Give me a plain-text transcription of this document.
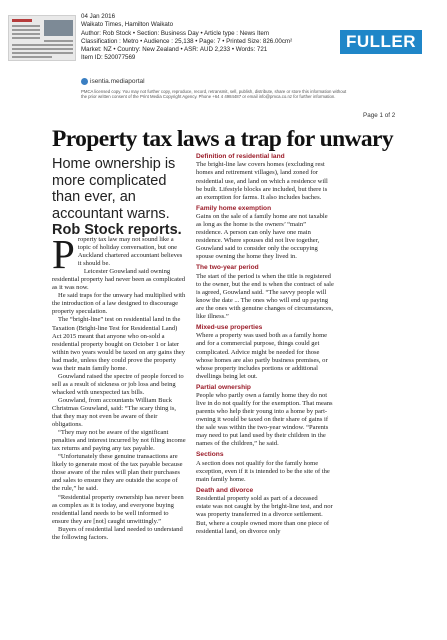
04 Jan 2016
Waikato Times, Hamilton Waikato
Author: Rob Stock • Section: Business Day • Article type : News Item
Classification : Metro • Audience : 25,138 • Page: 7 • Printed Size: 826.00cm²
Market: NZ • Country: New Zealand • ASR: AUD 2,233 • Words: 721
Item ID: 520077569
isentia.mediaportal
PMCA licensed copy. You may not further copy, reproduce, record, retransmit, sell, publish, distribute, share or store this information without the prior written consent of the Print Media Copyright Agency. Phone +64 4 4984487 or email info@pmca.co.nz for further information.
FULLER
Page 1 of 2
Property tax laws a trap for unwary
Home ownership is more complicated than ever, an accountant warns. Rob Stock reports.

Property tax law may not sound like a topic of holiday conversation, but one Auckland chartered accountant believes it should be.

Leicester Gouwland said owning residential property had never been as complicated as it was now.

He said traps for the unwary had multiplied with the introduction of a law designed to discourage property speculation.

The “bright-line” test on residential land in the Taxation (Bright-line Test for Residential Land) Act 2015 meant that anyone who on-sold a residential property bought on October 1 or later within two years would be taxed on any gains they had made, unless they could prove the property was their main family home.

Gouwland raised the spectre of people forced to sell as a result of sickness or job loss and being whacked with unexpected tax bills.

Gouwland, from accountants William Buck Christmas Gouwland, said: “The scary thing is, that they may not even be aware of their obligations.

“They may not be aware of the significant penalties and interest incurred by not filing income tax returns and paying any tax payable.

“Unfortunately these genuine transactions are likely to generate most of the tax payable because those aware of the rules will plan their purchases and sales to ensure they are outside the scope of the rule,” he said.

“Residential property ownership has never been as complex as it is today, and everyone buying residential land needs to be well informed to ensure they are [not] caught unwittingly.”

Buyers of residential land needed to understand the following factors.

Definition of residential land

The bright-line law covers homes (excluding rest homes and retirement villages), land zoned for residential use, and land on which a residence will be built. Lifestyle blocks are included, but there is an exemption for farms. It also includes baches.

Family home exemption

Gains on the sale of a family home are not taxable as long as the home is the owners’ “main” residence. A person can only have one main residence. Where spouses did not live together, Gouwland said to consider only the occupying spouse owning the home they lived in.

The two-year period

The start of the period is when the title is registered to the owner, but the end is when the contract of sale is agreed, Gouwland said. “The savvy people will know the date ... The ones who will end up paying are the ones with genuine changes of circumstances, like illness.”

Mixed-use properties

Where a property was used both as a family home and for a commercial purpose, things could get complicated. Advice might be needed for those whose homes are also partly business premises, or whose property includes portions or additional dwellings being let out.

Partial ownership

People who partly own a family home they do not live in do not qualify for the exemption. That means parents who help their young into a home by part-owning it would be taxed on their share of gains if the sale was within the two-year window. “Parents may need to put land used by their children in the names of the children,” he said.

Sections

A section does not qualify for the family home exception, even if it is intended to be the site of the main family home.

Death and divorce

Residential property sold as part of a deceased estate was not caught by the bright-line test, and nor was property transferred in a divorce settlement. But, where a couple owned more than one piece of residential land, on divorce only
